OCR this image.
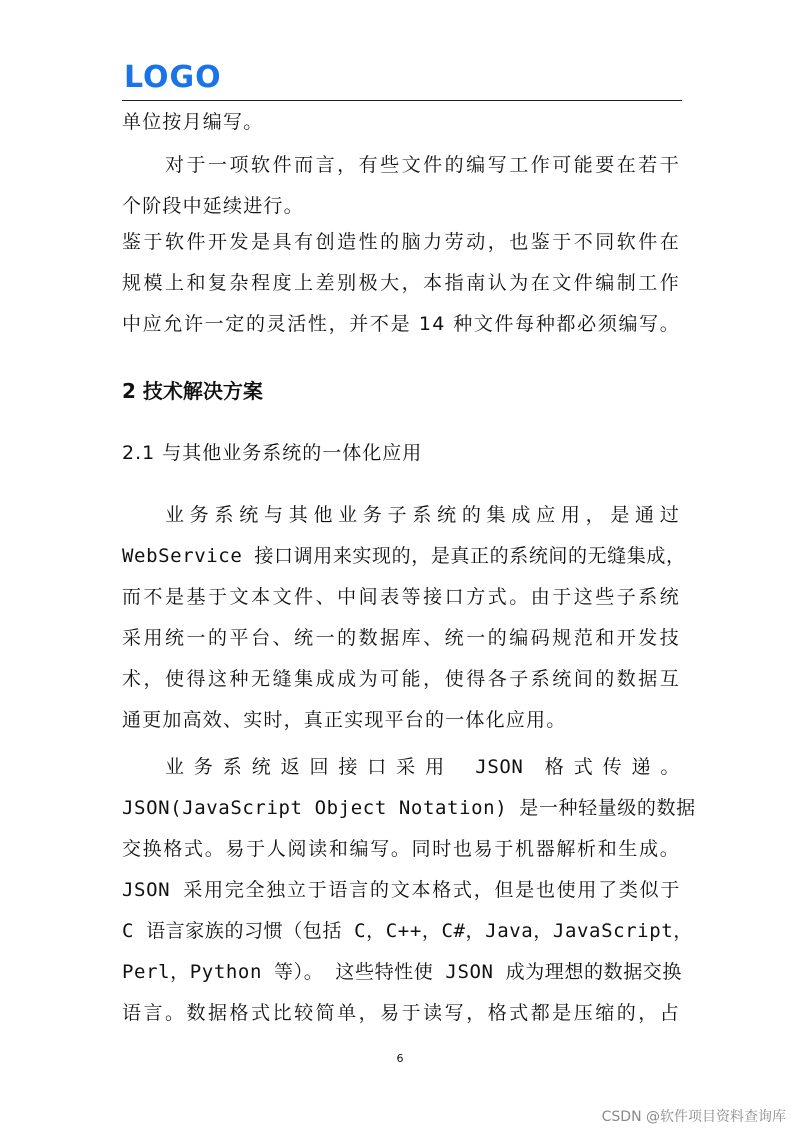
LOGO
单位按月编写。
对于一项软件而言，有些文件的编写工作可能要在若干
个阶段中延续进行。
鉴于软件开发是具有创造性的脑力劳动，也鉴于不同软件在
规模上和复杂程度上差别极大，本指南认为在文件编制工作
中应允许一定的灵活性，并不是 14 种文件每种都必须编写。
2 技术解决方案
2.1 与其他业务系统的一体化应用
业务系统与其他业务子系统的集成应用，是通过
WebService 接口调用来实现的，是真正的系统间的无缝集成，
而不是基于文本文件、中间表等接口方式。由于这些子系统
采用统一的平台、统一的数据库、统一的编码规范和开发技
术，使得这种无缝集成成为可能，使得各子系统间的数据互
通更加高效、实时，真正实现平台的一体化应用。
业务系统返回接口采用 JSON 格式传递。
JSON(JavaScript Object Notation) 是一种轻量级的数据
交换格式。易于人阅读和编写。同时也易于机器解析和生成。
JSON 采用完全独立于语言的文本格式，但是也使用了类似于
C 语言家族的习惯（包括 C，C++，C#，Java，JavaScript，
Perl，Python 等）。 这些特性使 JSON 成为理想的数据交换
语言。数据格式比较简单，易于读写，格式都是压缩的，占
6
CSDN @软件项目资料查询库
